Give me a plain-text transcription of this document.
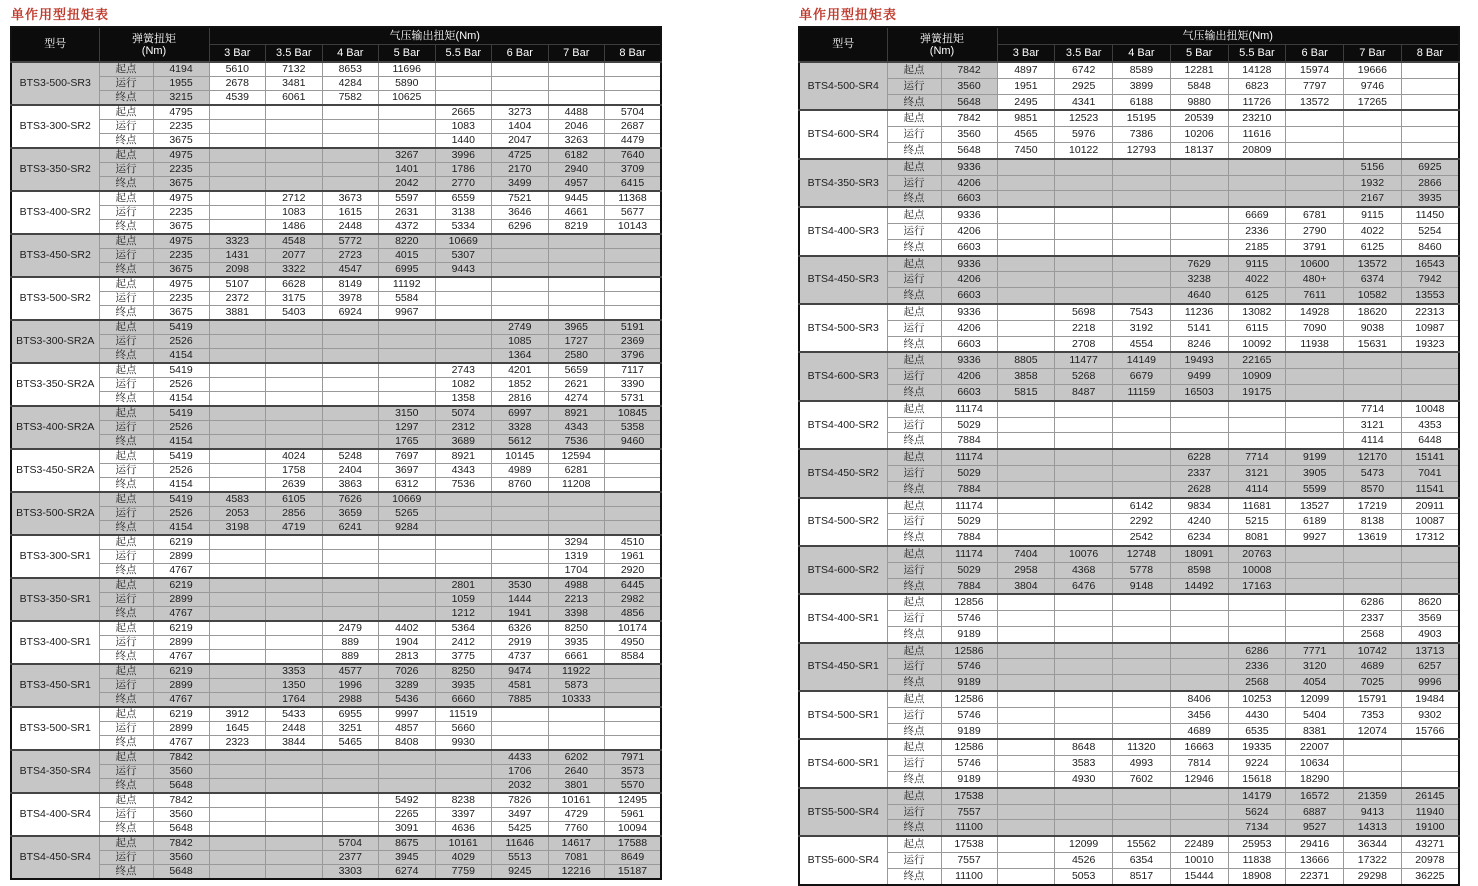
单作用型扭矩表
型号	弹簧扭矩
(Nm)		气压输出扭矩(Nm)							
			3 Bar	3.5 Bar	4 Bar	5 Bar	5.5 Bar	6 Bar	7 Bar	8 Bar
BTS3-500-SR3	起点	4194	5610	7132	8653	11696				
	运行	1955	2678	3481	4284	5890				
	终点	3215	4539	6061	7582	10625				
BTS3-300-SR2	起点	4795					2665	3273	4488	5704
	运行	2235					1083	1404	2046	2687
	终点	3675					1440	2047	3263	4479
BTS3-350-SR2	起点	4975				3267	3996	4725	6182	7640
	运行	2235				1401	1786	2170	2940	3709
	终点	3675				2042	2770	3499	4957	6415
BTS3-400-SR2	起点	4975		2712	3673	5597	6559	7521	9445	11368
	运行	2235		1083	1615	2631	3138	3646	4661	5677
	终点	3675		1486	2448	4372	5334	6296	8219	10143
BTS3-450-SR2	起点	4975	3323	4548	5772	8220	10669			
	运行	2235	1431	2077	2723	4015	5307			
	终点	3675	2098	3322	4547	6995	9443			
BTS3-500-SR2	起点	4975	5107	6628	8149	11192				
	运行	2235	2372	3175	3978	5584				
	终点	3675	3881	5403	6924	9967				
BTS3-300-SR2A	起点	5419						2749	3965	5191
	运行	2526						1085	1727	2369
	终点	4154						1364	2580	3796
BTS3-350-SR2A	起点	5419					2743	4201	5659	7117
	运行	2526					1082	1852	2621	3390
	终点	4154					1358	2816	4274	5731
BTS3-400-SR2A	起点	5419				3150	5074	6997	8921	10845
	运行	2526				1297	2312	3328	4343	5358
	终点	4154				1765	3689	5612	7536	9460
BTS3-450-SR2A	起点	5419		4024	5248	7697	8921	10145	12594	
	运行	2526		1758	2404	3697	4343	4989	6281	
	终点	4154		2639	3863	6312	7536	8760	11208	
BTS3-500-SR2A	起点	5419	4583	6105	7626	10669				
	运行	2526	2053	2856	3659	5265				
	终点	4154	3198	4719	6241	9284				
BTS3-300-SR1	起点	6219							3294	4510
	运行	2899							1319	1961
	终点	4767							1704	2920
BTS3-350-SR1	起点	6219					2801	3530	4988	6445
	运行	2899					1059	1444	2213	2982
	终点	4767					1212	1941	3398	4856
BTS3-400-SR1	起点	6219			2479	4402	5364	6326	8250	10174
	运行	2899			889	1904	2412	2919	3935	4950
	终点	4767			889	2813	3775	4737	6661	8584
BTS3-450-SR1	起点	6219		3353	4577	7026	8250	9474	11922	
	运行	2899		1350	1996	3289	3935	4581	5873	
	终点	4767		1764	2988	5436	6660	7885	10333	
BTS3-500-SR1	起点	6219	3912	5433	6955	9997	11519			
	运行	2899	1645	2448	3251	4857	5660			
	终点	4767	2323	3844	5465	8408	9930			
BTS4-350-SR4	起点	7842						4433	6202	7971
	运行	3560						1706	2640	3573
	终点	5648						2032	3801	5570
BTS4-400-SR4	起点	7842				5492	8238	7826	10161	12495
	运行	3560				2265	3397	3497	4729	5961
	终点	5648				3091	4636	5425	7760	10094
BTS4-450-SR4	起点	7842			5704	8675	10161	11646	14617	17588
	运行	3560			2377	3945	4029	5513	7081	8649
	终点	5648			3303	6274	7759	9245	12216	15187
单作用型扭矩表
型号	弹簧扭矩
(Nm)		气压输出扭矩(Nm)							
			3 Bar	3.5 Bar	4 Bar	5 Bar	5.5 Bar	6 Bar	7 Bar	8 Bar
BTS4-500-SR4	起点	7842	4897	6742	8589	12281	14128	15974	19666	
	运行	3560	1951	2925	3899	5848	6823	7797	9746	
	终点	5648	2495	4341	6188	9880	11726	13572	17265	
BTS4-600-SR4	起点	7842	9851	12523	15195	20539	23210			
	运行	3560	4565	5976	7386	10206	11616			
	终点	5648	7450	10122	12793	18137	20809			
BTS4-350-SR3	起点	9336							5156	6925
	运行	4206							1932	2866
	终点	6603							2167	3935
BTS4-400-SR3	起点	9336					6669	6781	9115	11450
	运行	4206					2336	2790	4022	5254
	终点	6603					2185	3791	6125	8460
BTS4-450-SR3	起点	9336				7629	9115	10600	13572	16543
	运行	4206				3238	4022	480+	6374	7942
	终点	6603				4640	6125	7611	10582	13553
BTS4-500-SR3	起点	9336		5698	7543	11236	13082	14928	18620	22313
	运行	4206		2218	3192	5141	6115	7090	9038	10987
	终点	6603		2708	4554	8246	10092	11938	15631	19323
BTS4-600-SR3	起点	9336	8805	11477	14149	19493	22165			
	运行	4206	3858	5268	6679	9499	10909			
	终点	6603	5815	8487	11159	16503	19175			
BTS4-400-SR2	起点	11174							7714	10048
	运行	5029							3121	4353
	终点	7884							4114	6448
BTS4-450-SR2	起点	11174				6228	7714	9199	12170	15141
	运行	5029				2337	3121	3905	5473	7041
	终点	7884				2628	4114	5599	8570	11541
BTS4-500-SR2	起点	11174			6142	9834	11681	13527	17219	20911
	运行	5029			2292	4240	5215	6189	8138	10087
	终点	7884			2542	6234	8081	9927	13619	17312
BTS4-600-SR2	起点	11174	7404	10076	12748	18091	20763			
	运行	5029	2958	4368	5778	8598	10008			
	终点	7884	3804	6476	9148	14492	17163			
BTS4-400-SR1	起点	12856							6286	8620
	运行	5746							2337	3569
	终点	9189							2568	4903
BTS4-450-SR1	起点	12586					6286	7771	10742	13713
	运行	5746					2336	3120	4689	6257
	终点	9189					2568	4054	7025	9996
BTS4-500-SR1	起点	12586				8406	10253	12099	15791	19484
	运行	5746				3456	4430	5404	7353	9302
	终点	9189				4689	6535	8381	12074	15766
BTS4-600-SR1	起点	12586		8648	11320	16663	19335	22007		
	运行	5746		3583	4993	7814	9224	10634		
	终点	9189		4930	7602	12946	15618	18290		
BTS5-500-SR4	起点	17538					14179	16572	21359	26145
	运行	7557					5624	6887	9413	11940
	终点	11100					7134	9527	14313	19100
BTS5-600-SR4	起点	17538		12099	15562	22489	25953	29416	36344	43271
	运行	7557		4526	6354	10010	11838	13666	17322	20978
	终点	11100		5053	8517	15444	18908	22371	29298	36225
